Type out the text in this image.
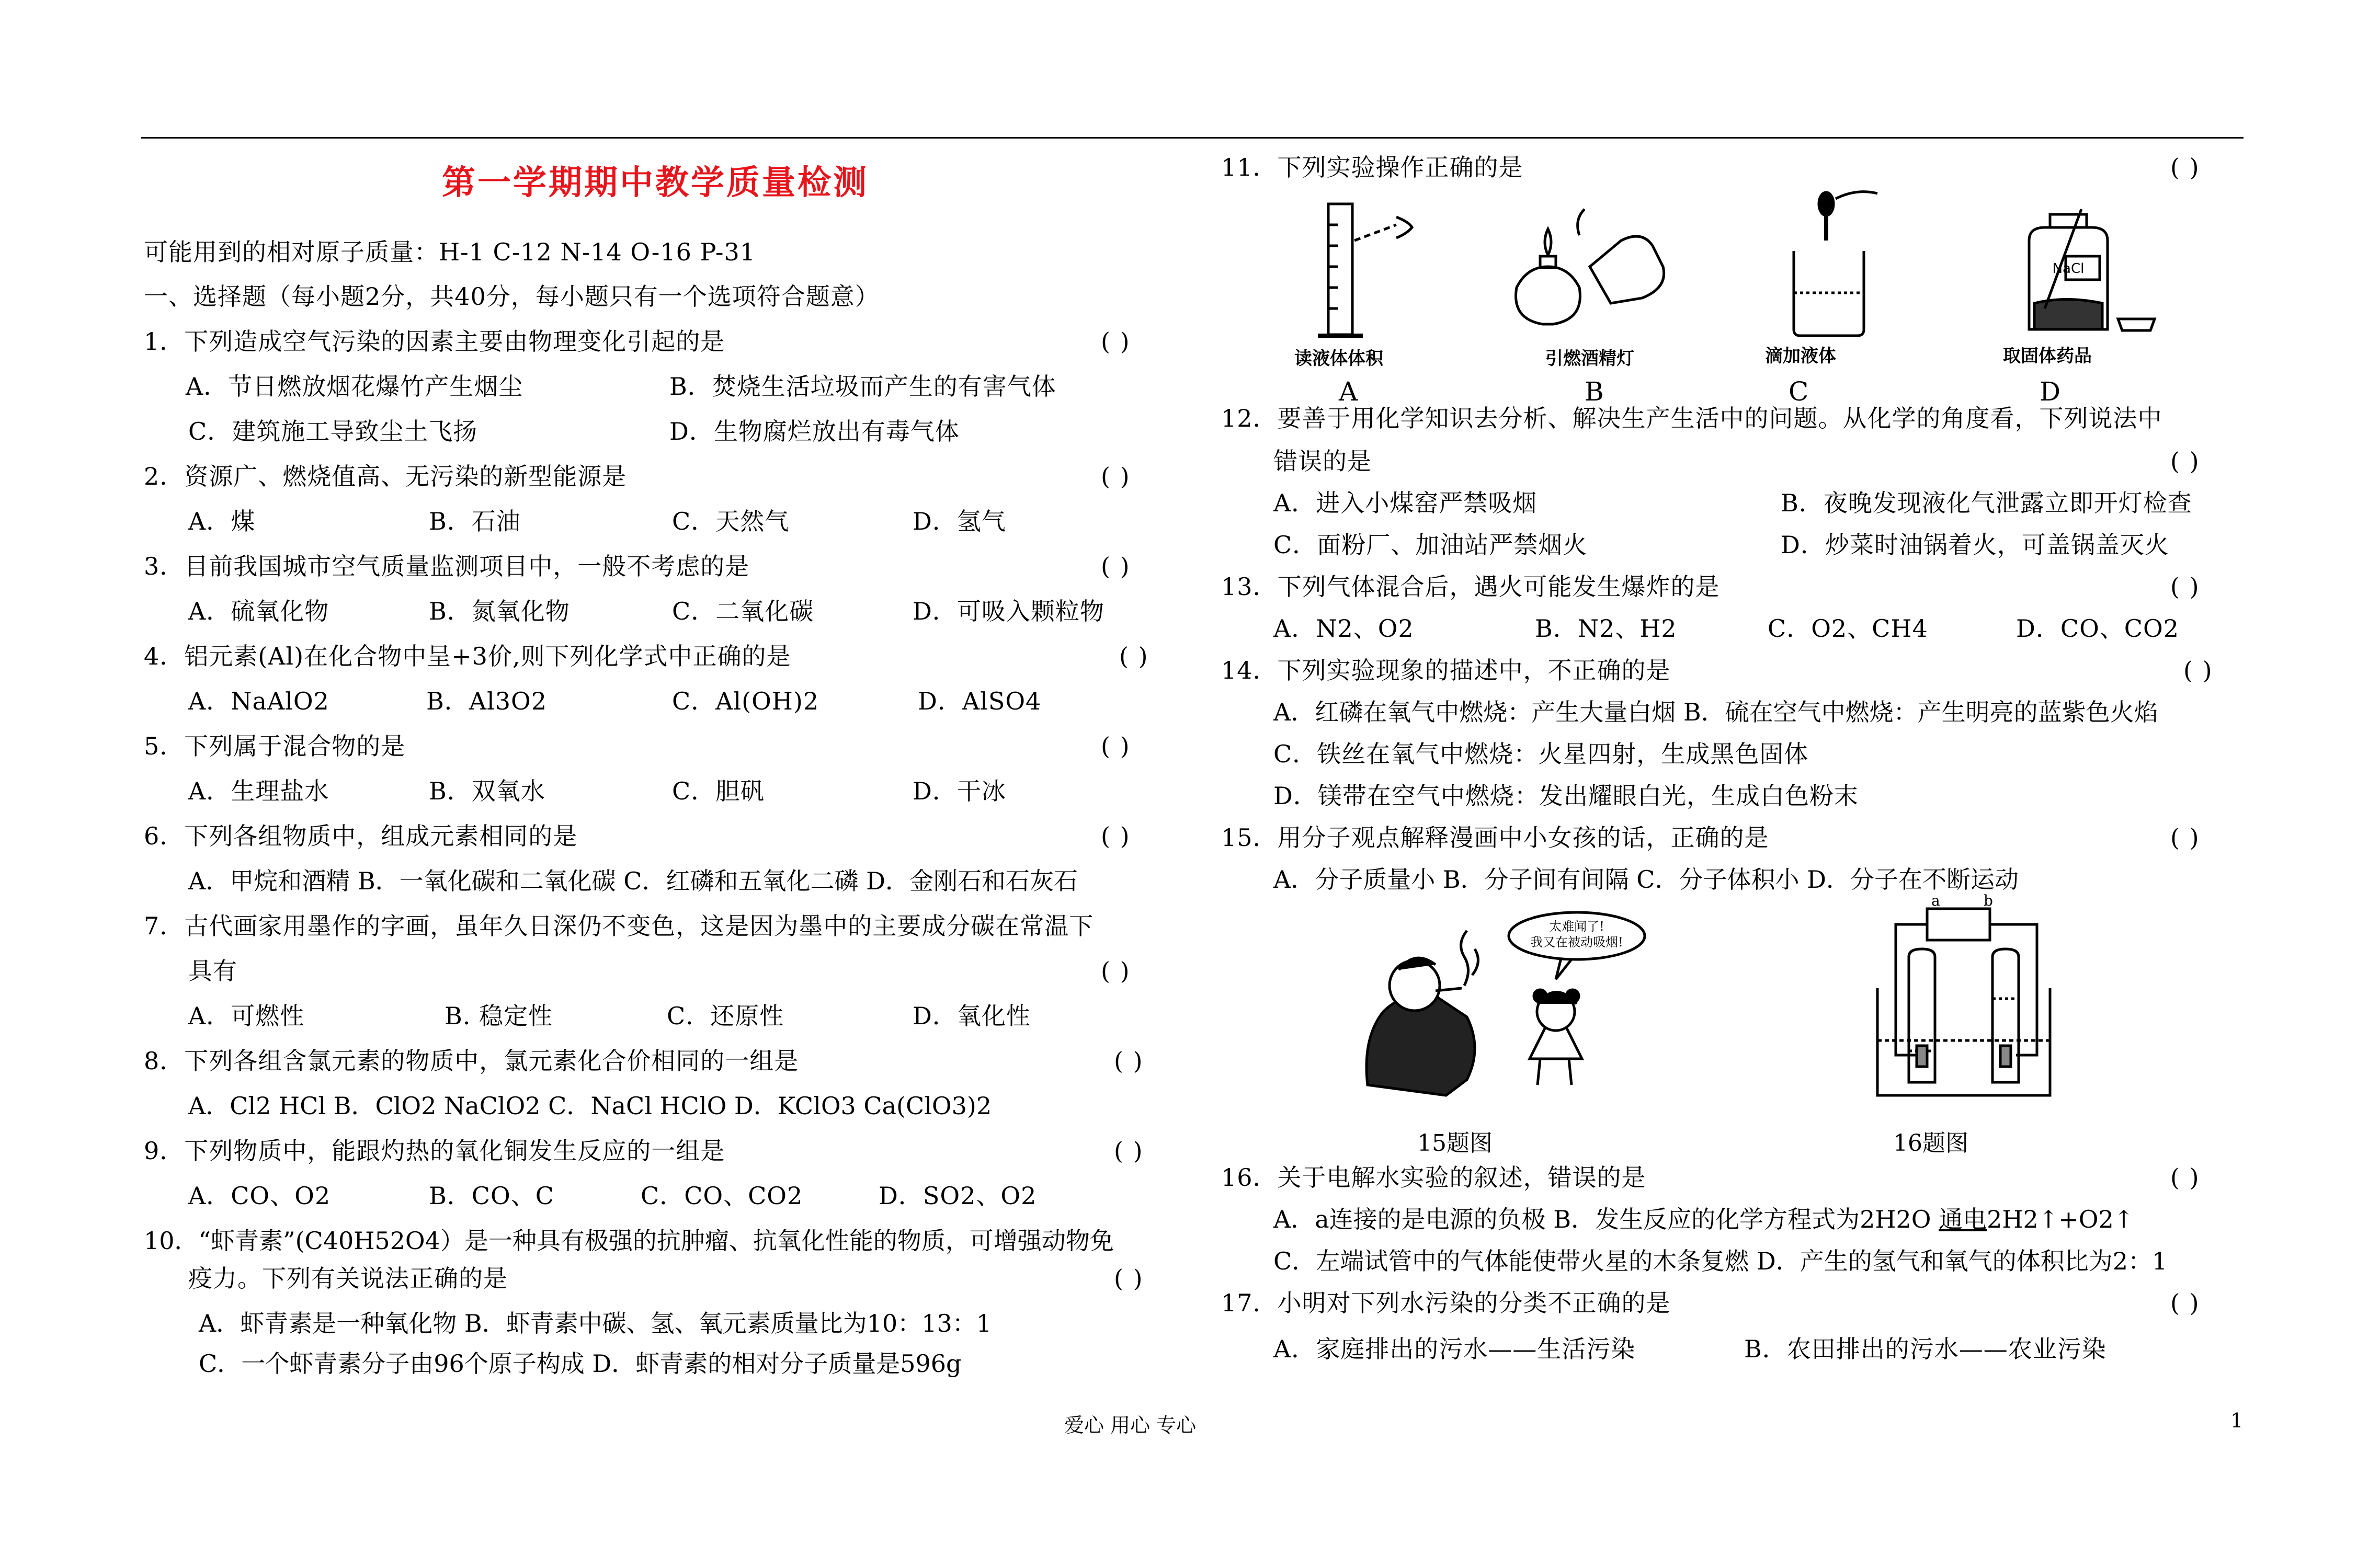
第一学期期中教学质量检测
可能用到的相对原子质量：H-1 C-12 N-14 O-16 P-31
一、选择题（每小题2分，共40分，每小题只有一个选项符合题意）
1．下列造成空气污染的因素主要由物理变化引起的是	( )
A．节日燃放烟花爆竹产生烟尘	B．焚烧生活垃圾而产生的有害气体
C．建筑施工导致尘土飞扬	D．生物腐烂放出有毒气体
2．资源广、燃烧值高、无污染的新型能源是	( )
A．煤	B．石油	C．天然气	D．氢气
3．目前我国城市空气质量监测项目中，一般不考虑的是	( )
A．硫氧化物	B．氮氧化物	C．二氧化碳	D．可吸入颗粒物
4．铝元素(Al)在化合物中呈+3价,则下列化学式中正确的是	( )
A．NaAlO2	B．Al3O2	C．Al(OH)2	D．AlSO4
5．下列属于混合物的是	( )
A．生理盐水	B．双氧水	C．胆矾	D．干冰
6．下列各组物质中，组成元素相同的是	( )
A．甲烷和酒精 B．一氧化碳和二氧化碳 C．红磷和五氧化二磷 D．金刚石和石灰石
7．古代画家用墨作的字画，虽年久日深仍不变色，这是因为墨中的主要成分碳在常温下
具有	( )
A．可燃性	B. 稳定性	C．还原性	D．氧化性
8．下列各组含氯元素的物质中，氯元素化合价相同的一组是	( )
A．Cl2 HCl B．ClO2 NaClO2 C．NaCl HClO D．KClO3 Ca(ClO3)2
9．下列物质中，能跟灼热的氧化铜发生反应的一组是	( )
A．CO、O2	B．CO、C	C．CO、CO2	D．SO2、O2
10．“虾青素”(C40H52O4）是一种具有极强的抗肿瘤、抗氧化性能的物质，可增强动物免
疫力。下列有关说法正确的是	( )
A．虾青素是一种氧化物 B．虾青素中碳、氢、氧元素质量比为10：13：1
C．一个虾青素分子由96个原子构成 D．虾青素的相对分子质量是596g
11．下列实验操作正确的是	( )
NaCl
读液体体积	引燃酒精灯	滴加液体	取固体药品
A	B	C	D
12．要善于用化学知识去分析、解决生产生活中的问题。从化学的角度看，下列说法中
错误的是	( )
A．进入小煤窑严禁吸烟	B．夜晚发现液化气泄露立即开灯检查
C．面粉厂、加油站严禁烟火	D．炒菜时油锅着火，可盖锅盖灭火
13．下列气体混合后，遇火可能发生爆炸的是	( )
A．N2、O2	B．N2、H2	C．O2、CH4	D．CO、CO2
14．下列实验现象的描述中，不正确的是	( )
A．红磷在氧气中燃烧：产生大量白烟 B．硫在空气中燃烧：产生明亮的蓝紫色火焰
C．铁丝在氧气中燃烧：火星四射，生成黑色固体
D．镁带在空气中燃烧：发出耀眼白光，生成白色粉末
15．用分子观点解释漫画中小女孩的话，正确的是	( )
A．分子质量小 B．分子间有间隔 C．分子体积小 D．分子在不断运动
太难闻了!
我又在被动吸烟!
a	b
15题图	16题图
16．关于电解水实验的叙述，错误的是	( )
A．a连接的是电源的负极 B．发生反应的化学方程式为2H2O 通电2H2↑+O2↑
C．左端试管中的气体能使带火星的木条复燃 D．产生的氢气和氧气的体积比为2：1
17．小明对下列水污染的分类不正确的是	( )
A．家庭排出的污水——生活污染	B．农田排出的污水——农业污染
爱心 用心 专心	1
